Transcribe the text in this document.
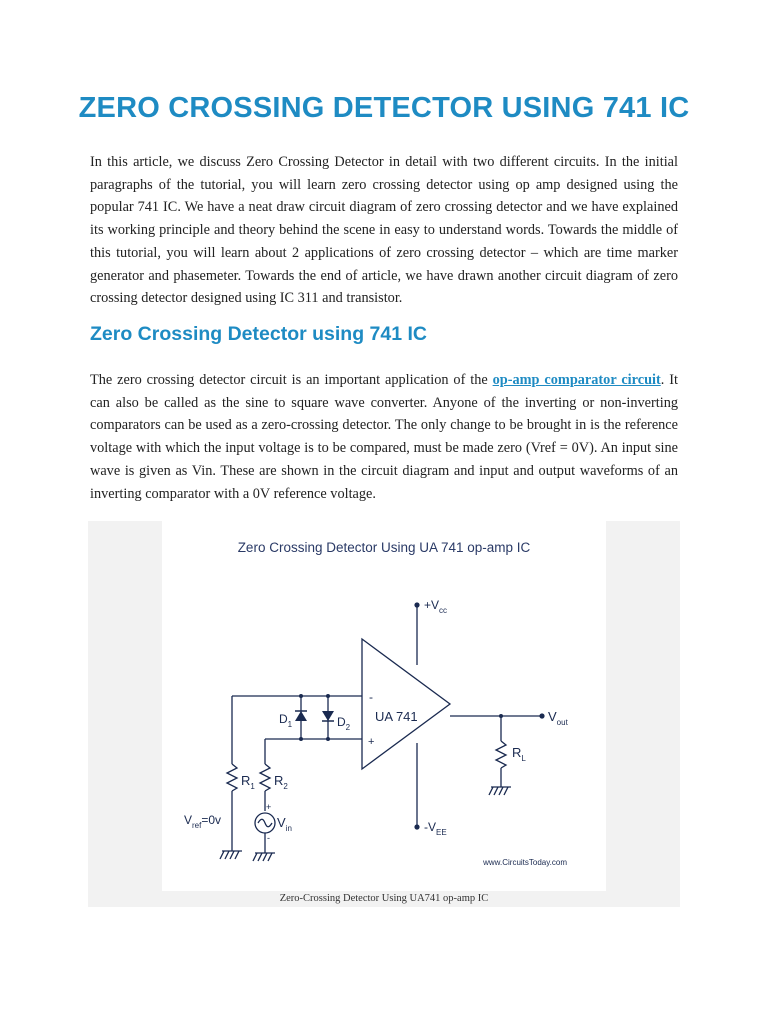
ZERO CROSSING DETECTOR USING 741 IC

In this article, we discuss Zero Crossing Detector in detail with two different circuits. In the initial paragraphs of the tutorial, you will learn zero crossing detector using op amp designed using the popular 741 IC. We have a neat draw circuit diagram of zero crossing detector and we have explained its working principle and theory behind the scene in easy to understand words. Towards the middle of this tutorial, you will learn about 2 applications of zero crossing detector – which are time marker generator and phasemeter. Towards the end of article, we have drawn another circuit diagram of zero crossing detector designed using IC 311 and transistor.

Zero Crossing Detector using 741 IC

The zero crossing detector circuit is an important application of the op-amp comparator circuit. It can also be called as the sine to square wave converter. Anyone of the inverting or non-inverting comparators can be used as a zero-crossing detector. The only change to be brought in is the reference voltage with which the input voltage is to be compared, must be made zero (Vref = 0V). An input sine wave is given as Vin. These are shown in the circuit diagram and input and output waveforms of an inverting comparator with a 0V reference voltage.

Zero Crossing Detector Using UA 741 op-amp IC
-
+
UA 741
$+V_{cc}$
$-V_{EE}$
$V_{out}$
$D_1$	$D_2$
$R_1$ $R_2$
$R_L$
$V_{ref}=0v$	$V_{in}$
+
-
www.CircuitsToday.com
Zero-Crossing Detector Using UA741 op-amp IC
